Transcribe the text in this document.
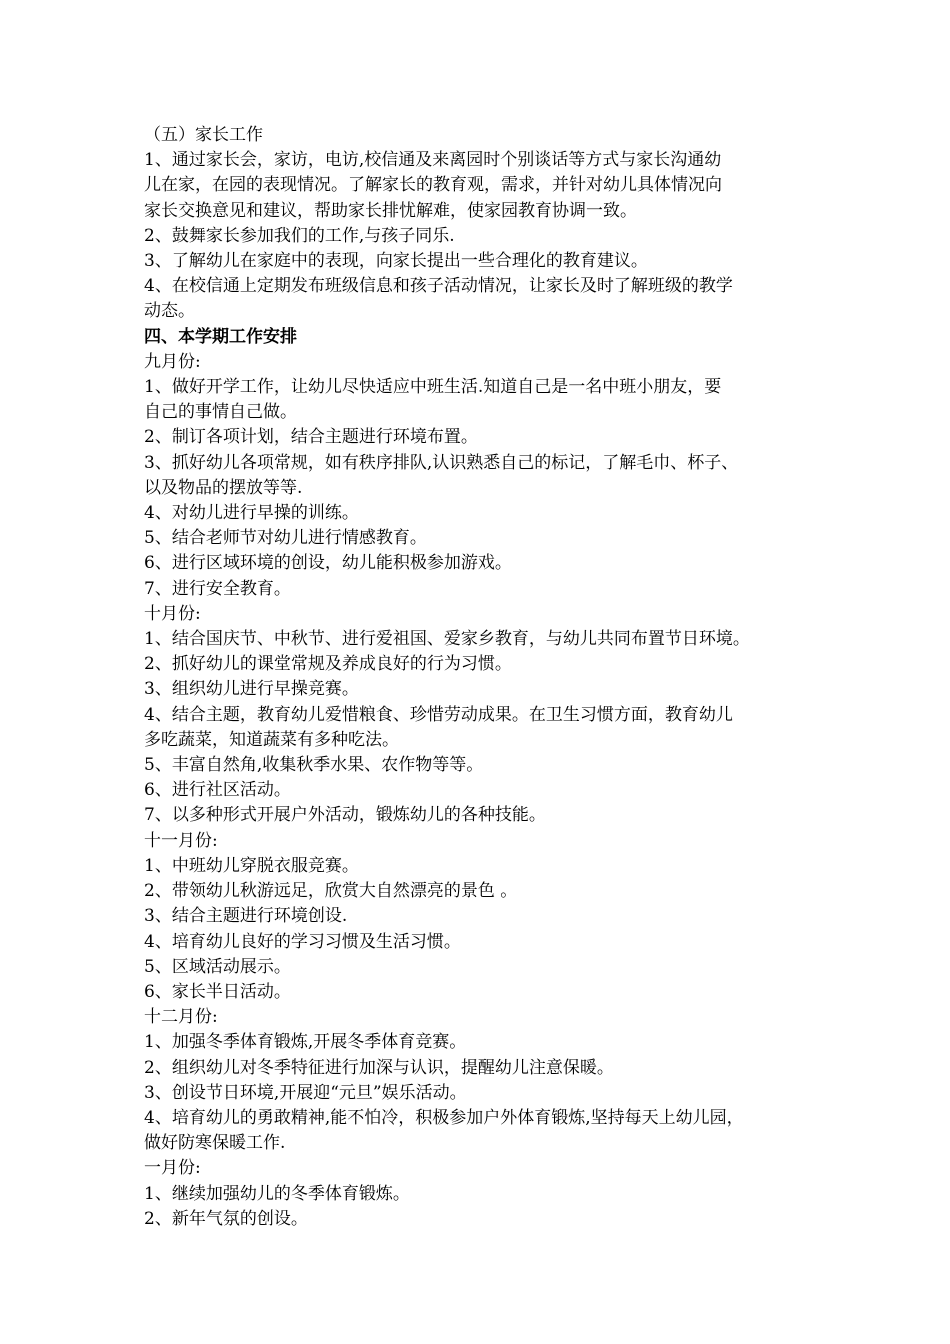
（五）家长工作
1、通过家长会，家访，电访,校信通及来离园时个别谈话等方式与家长沟通幼
儿在家，在园的表现情况。了解家长的教育观，需求，并针对幼儿具体情况向
家长交换意见和建议，帮助家长排忧解难，使家园教育协调一致。
2、鼓舞家长参加我们的工作,与孩子同乐.
3、了解幼儿在家庭中的表现，向家长提出一些合理化的教育建议。
4、在校信通上定期发布班级信息和孩子活动情况，让家长及时了解班级的教学
动态。
四、本学期工作安排
九月份:
1、做好开学工作，让幼儿尽快适应中班生活.知道自己是一名中班小朋友，要
自己的事情自己做。
2、制订各项计划，结合主题进行环境布置。
3、抓好幼儿各项常规，如有秩序排队,认识熟悉自己的标记，了解毛巾、杯子、
以及物品的摆放等等.
4、对幼儿进行早操的训练。
5、结合老师节对幼儿进行情感教育。
6、进行区域环境的创设，幼儿能积极参加游戏。
7、进行安全教育。
十月份:
1、结合国庆节、中秋节、进行爱祖国、爱家乡教育，与幼儿共同布置节日环境。
2、抓好幼儿的课堂常规及养成良好的行为习惯。
3、组织幼儿进行早操竞赛。
4、结合主题，教育幼儿爱惜粮食、珍惜劳动成果。在卫生习惯方面，教育幼儿
多吃蔬菜，知道蔬菜有多种吃法。
5、丰富自然角,收集秋季水果、农作物等等。
6、进行社区活动。
7、以多种形式开展户外活动，锻炼幼儿的各种技能。
十一月份:
1、中班幼儿穿脱衣服竞赛。
2、带领幼儿秋游远足，欣赏大自然漂亮的景色 。
3、结合主题进行环境创设.
4、培育幼儿良好的学习习惯及生活习惯。
5、区域活动展示。
6、家长半日活动。
十二月份:
1、加强冬季体育锻炼,开展冬季体育竞赛。
2、组织幼儿对冬季特征进行加深与认识，提醒幼儿注意保暖。
3、创设节日环境,开展迎“元旦”娱乐活动。
4、培育幼儿的勇敢精神,能不怕冷，积极参加户外体育锻炼,坚持每天上幼儿园，
做好防寒保暖工作.
一月份:
1、继续加强幼儿的冬季体育锻炼。
2、新年气氛的创设。
